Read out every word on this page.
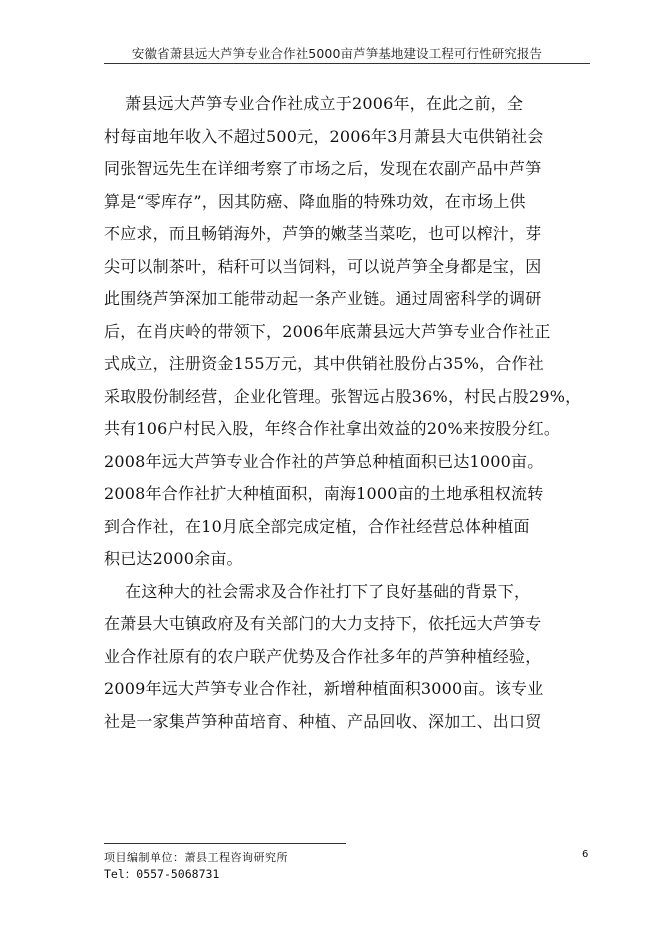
安徽省萧县远大芦笋专业合作社5000亩芦笋基地建设工程可行性研究报告
萧县远大芦笋专业合作社成立于2006年，在此之前，全
村每亩地年收入不超过500元，2006年3月萧县大屯供销社会
同张智远先生在详细考察了市场之后，发现在农副产品中芦笋
算是“零库存”，因其防癌、降血脂的特殊功效，在市场上供
不应求，而且畅销海外，芦笋的嫩茎当菜吃，也可以榨汁，芽
尖可以制茶叶，秸秆可以当饲料，可以说芦笋全身都是宝，因
此围绕芦笋深加工能带动起一条产业链。通过周密科学的调研
后，在肖庆岭的带领下，2006年底萧县远大芦笋专业合作社正
式成立，注册资金155万元，其中供销社股份占35%，合作社
采取股份制经营，企业化管理。张智远占股36%，村民占股29%，
共有106户村民入股，年终合作社拿出效益的20%来按股分红。
2008年远大芦笋专业合作社的芦笋总种植面积已达1000亩。
2008年合作社扩大种植面积，南海1000亩的土地承租权流转
到合作社，在10月底全部完成定植，合作社经营总体种植面
积已达2000余亩。
在这种大的社会需求及合作社打下了良好基础的背景下，
在萧县大屯镇政府及有关部门的大力支持下，依托远大芦笋专
业合作社原有的农户联产优势及合作社多年的芦笋种植经验，
2009年远大芦笋专业合作社，新增种植面积3000亩。该专业
社是一家集芦笋种苗培育、种植、产品回收、深加工、出口贸
项目编制单位：萧县工程咨询研究所
Tel：0557-5068731
6
